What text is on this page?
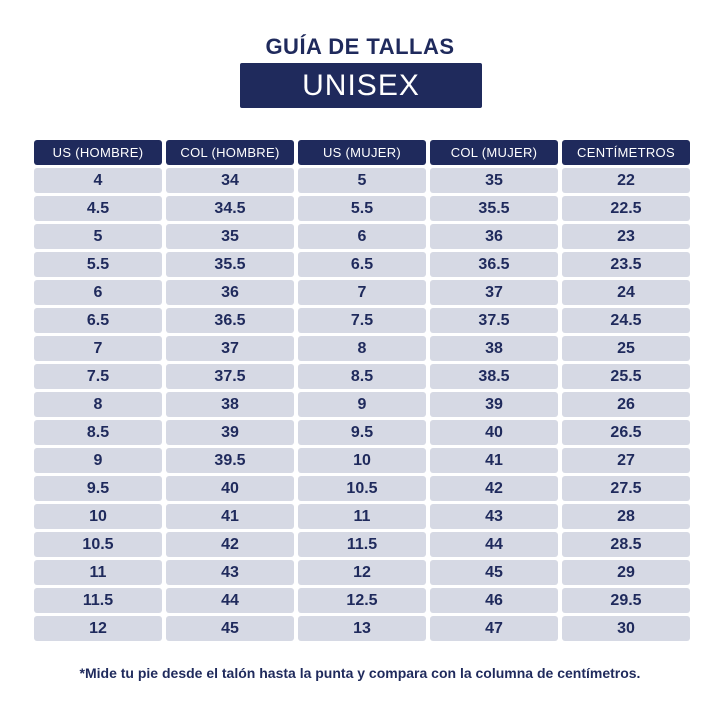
GUÍA DE TALLAS
UNISEX
US (HOMBRE)	COL (HOMBRE)	US (MUJER)	COL (MUJER)	CENTÍMETROS
4	34	5	35	22
4.5	34.5	5.5	35.5	22.5
5	35	6	36	23
5.5	35.5	6.5	36.5	23.5
6	36	7	37	24
6.5	36.5	7.5	37.5	24.5
7	37	8	38	25
7.5	37.5	8.5	38.5	25.5
8	38	9	39	26
8.5	39	9.5	40	26.5
9	39.5	10	41	27
9.5	40	10.5	42	27.5
10	41	11	43	28
10.5	42	11.5	44	28.5
11	43	12	45	29
11.5	44	12.5	46	29.5
12	45	13	47	30
*Mide tu pie desde el talón hasta la punta y compara con la columna de centímetros.
